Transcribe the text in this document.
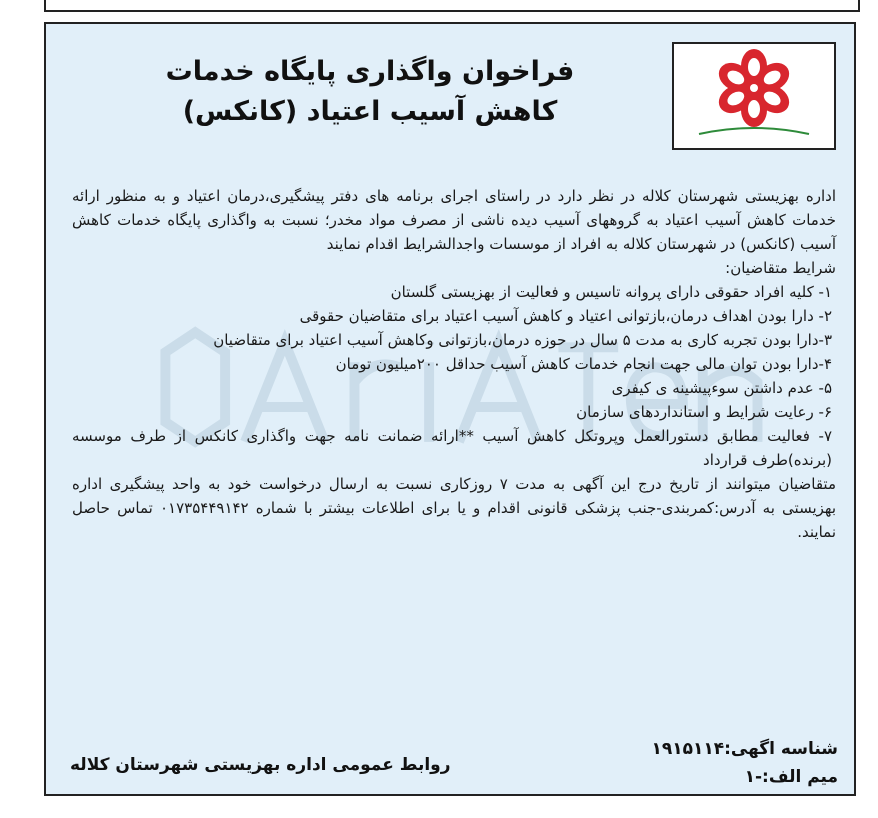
فراخوان واگذاری پایگاه خدمات
کاهش آسیب اعتیاد (کانکس)

اداره بهزیستی شهرستان کلاله در نظر دارد در راستای اجرای برنامه های دفتر پیشگیری،درمان اعتیاد و به منظور ارائه خدمات کاهش آسیب اعتیاد به گروههای آسیب دیده ناشی از مصرف مواد مخدر؛ نسبت به واگذاری پایگاه خدمات کاهش آسیب (کانکس) در شهرستان کلاله به افراد از موسسات واجدالشرایط اقدام نمایند

شرایط متقاضیان:

۱- کلیه افراد حقوقی دارای پروانه تاسیس و فعالیت از بهزیستی گلستان
۲- دارا بودن اهداف درمان،بازتوانی اعتیاد و کاهش آسیب اعتیاد برای متقاضیان حقوقی
۳-دارا بودن تجربه کاری به مدت ۵ سال در حوزه درمان،بازتوانی وکاهش آسیب اعتیاد برای متقاضیان
۴-دارا بودن توان مالی جهت انجام خدمات کاهش آسیب حداقل ۲۰۰میلیون تومان
۵- عدم داشتن سوءپیشینه ی کیفری
۶- رعایت شرایط و استانداردهای سازمان
۷- فعالیت مطابق دستورالعمل وپروتکل کاهش آسیب **ارائه ضمانت نامه جهت واگذاری کانکس از طرف موسسه (برنده)طرف قرارداد

متقاضیان میتوانند از تاریخ درج این آگهی به مدت ۷ روزکاری نسبت به ارسال درخواست خود به واحد پیشگیری اداره بهزیستی به آدرس:کمربندی-جنب پزشکی قانونی اقدام و یا برای اطلاعات بیشتر با شماره ۰۱۷۳۵۴۴۹۱۴۲ تماس حاصل نمایند.

شناسه اگهی:۱۹۱۵۱۱۴
میم الف:-۱
روابط عمومی اداره بهزیستی شهرستان کلاله
